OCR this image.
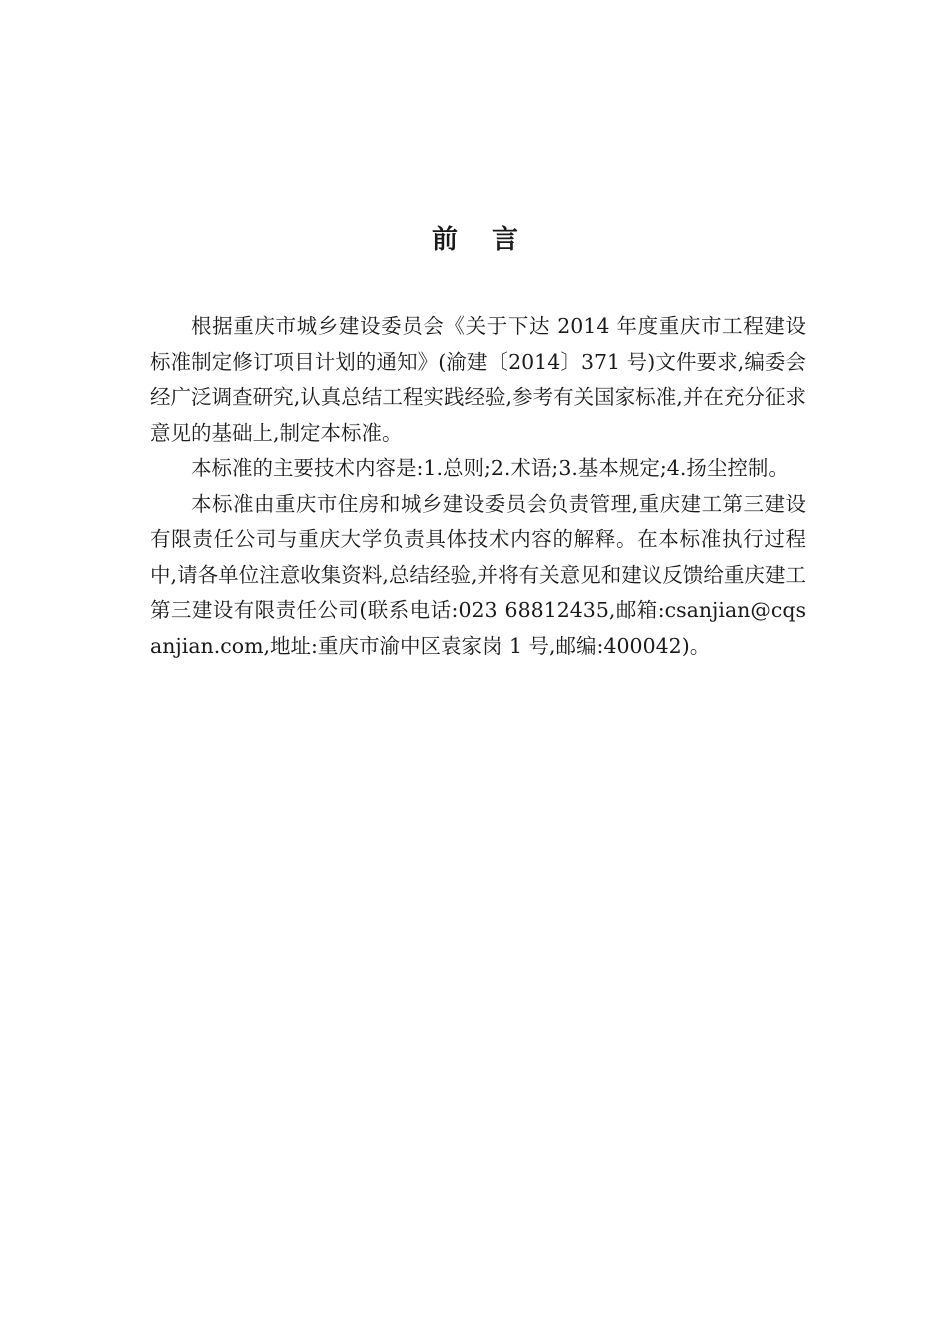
前言

根据重庆市城乡建设委员会《关于下达 2014 年度重庆市工程建设标准制定修订项目计划的通知》(渝建〔2014〕371 号)文件要求,编委会经广泛调查研究,认真总结工程实践经验,参考有关国家标准,并在充分征求意见的基础上,制定本标准。

本标准的主要技术内容是:1.总则;2.术语;3.基本规定;4.扬尘控制。

本标准由重庆市住房和城乡建设委员会负责管理,重庆建工第三建设有限责任公司与重庆大学负责具体技术内容的解释。在本标准执行过程中,请各单位注意收集资料,总结经验,并将有关意见和建议反馈给重庆建工第三建设有限责任公司(联系电话:023 68812435,邮箱:csanjian@cqsanjian.com,地址:重庆市渝中区袁家岗 1 号,邮编:400042)。
